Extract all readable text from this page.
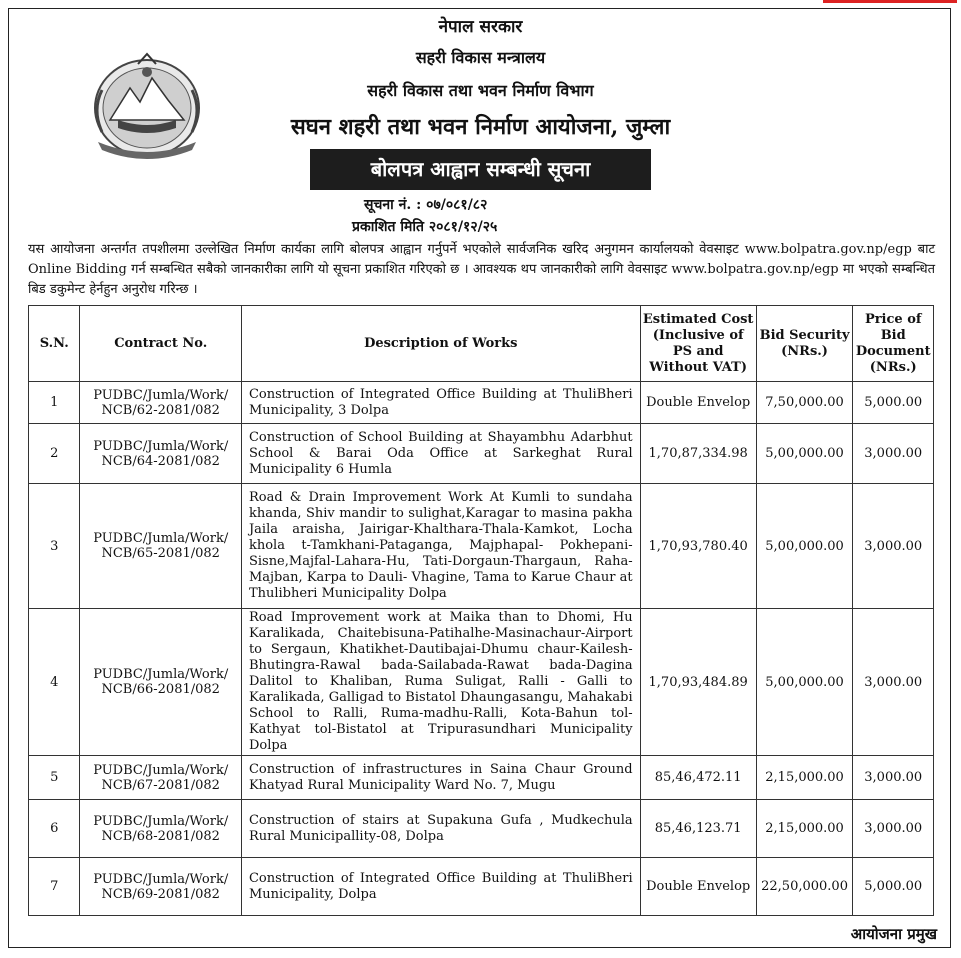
नेपाल सरकार
सहरी विकास मन्त्रालय
सहरी विकास तथा भवन निर्माण विभाग
सघन शहरी तथा भवन निर्माण आयोजना, जुम्ला
बोलपत्र आह्वान सम्बन्धी सूचना
सूचना नं. : ०७/०८१/८२
प्रकाशित मिति २०८१/१२/२५
यस आयोजना अन्तर्गत तपशीलमा उल्लेखित निर्माण कार्यका लागि बोलपत्र आह्वान गर्नुपर्ने भएकोले सार्वजनिक खरिद अनुगमन कार्यालयको वेवसाइट www.bolpatra.gov.np/egp बाट Online Bidding गर्न सम्बन्धित सबैको जानकारीका लागि यो सूचना प्रकाशित गरिएको छ । आवश्यक थप जानकारीको लागि वेवसाइट www.bolpatra.gov.np/egp मा भएको सम्बन्धित बिड डकुमेन्ट हेर्नहुन अनुरोध गरिन्छ ।
S.N.	Contract No.	Description of Works	Estimated Cost (Inclusive of PS and Without VAT)	Bid Security (NRs.)	Price of Bid Document (NRs.)
1	PUDBC/Jumla/Work/ NCB/62-2081/082	Construction of Integrated Office Building at ThuliBheri Municipality, 3 Dolpa	Double Envelop	7,50,000.00	5,000.00
2	PUDBC/Jumla/Work/ NCB/64-2081/082	Construction of School Building at Shayambhu Adarbhut School & Barai Oda Office at Sarkeghat Rural Municipality 6 Humla	1,70,87,334.98	5,00,000.00	3,000.00
3	PUDBC/Jumla/Work/ NCB/65-2081/082	Road & Drain Improvement Work At Kumli to sundaha khanda, Shiv mandir to sulighat,Karagar to masina pakha Jaila araisha, Jairigar-Khalthara-Thala-Kamkot, Locha khola t-Tamkhani-Pataganga, Majphapal- Pokhepani-Sisne,Majfal-Lahara-Hu, Tati-Dorgaun-Thargaun, Raha-Majban, Karpa to Dauli- Vhagine, Tama to Karue Chaur at Thulibheri Municipality Dolpa	1,70,93,780.40	5,00,000.00	3,000.00
4	PUDBC/Jumla/Work/ NCB/66-2081/082	Road Improvement work at Maika than to Dhomi, Hu Karalikada, Chaitebisuna-Patihalhe-Masinachaur-Airport to Sergaun, Khatikhet-Dautibajai-Dhumu chaur-Kailesh-Bhutingra-Rawal bada-Sailabada-Rawat bada-Dagina Dalitol to Khaliban, Ruma Suligat, Ralli - Galli to Karalikada, Galligad to Bistatol Dhaungasangu, Mahakabi School to Ralli, Ruma-madhu-Ralli, Kota-Bahun tol- Kathyat tol-Bistatol at Tripurasundhari Municipality Dolpa	1,70,93,484.89	5,00,000.00	3,000.00
5	PUDBC/Jumla/Work/ NCB/67-2081/082	Construction of infrastructures in Saina Chaur Ground Khatyad Rural Municipality Ward No. 7, Mugu	85,46,472.11	2,15,000.00	3,000.00
6	PUDBC/Jumla/Work/ NCB/68-2081/082	Construction of stairs at Supakuna Gufa , Mudkechula Rural Municipallity-08, Dolpa	85,46,123.71	2,15,000.00	3,000.00
7	PUDBC/Jumla/Work/ NCB/69-2081/082	Construction of Integrated Office Building at ThuliBheri Municipality, Dolpa	Double Envelop	22,50,000.00	5,000.00
आयोजना प्रमुख
